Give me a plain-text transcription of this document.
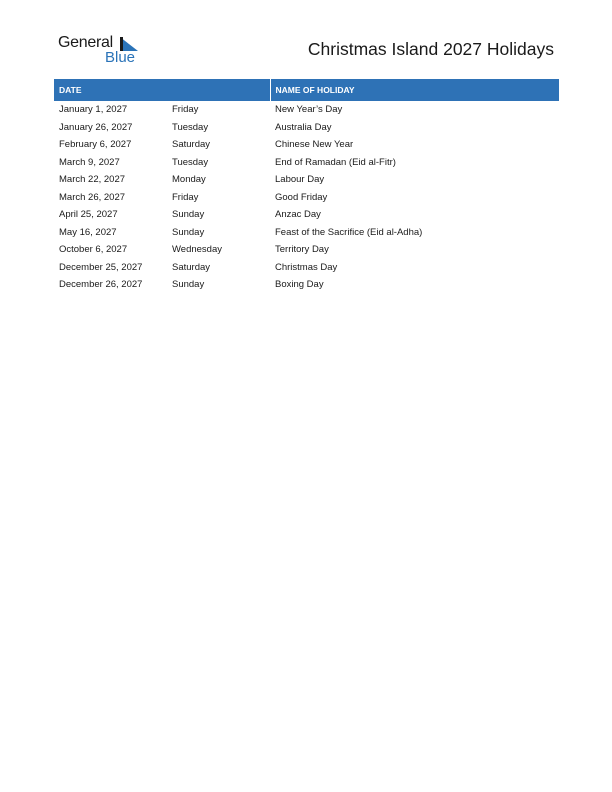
General
Blue	Christmas Island 2027 Holidays
DATE		NAME OF HOLIDAY
January 1, 2027	Friday	New Year’s Day
January 26, 2027	Tuesday	Australia Day
February 6, 2027	Saturday	Chinese New Year
March 9, 2027	Tuesday	End of Ramadan (Eid al-Fitr)
March 22, 2027	Monday	Labour Day
March 26, 2027	Friday	Good Friday
April 25, 2027	Sunday	Anzac Day
May 16, 2027	Sunday	Feast of the Sacrifice (Eid al-Adha)
October 6, 2027	Wednesday	Territory Day
December 25, 2027	Saturday	Christmas Day
December 26, 2027	Sunday	Boxing Day
